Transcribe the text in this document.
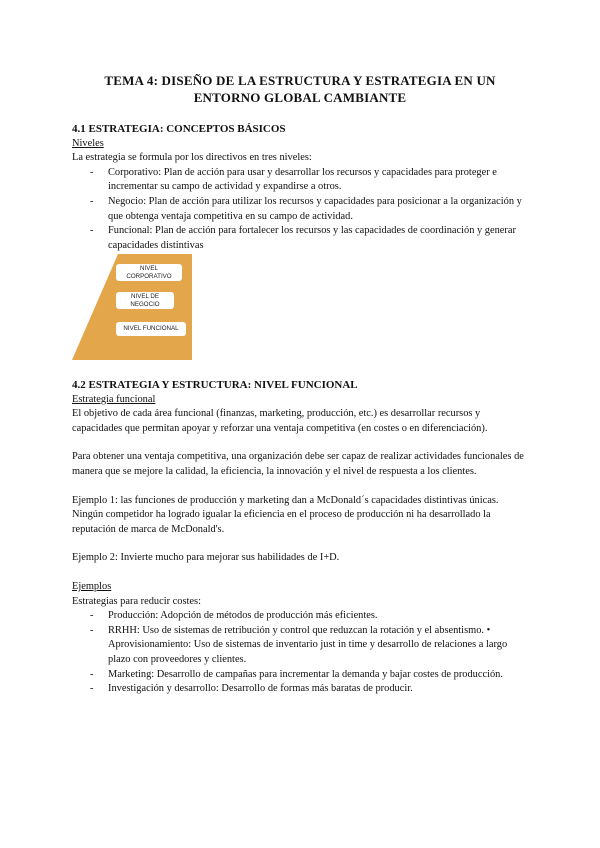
TEMA 4: DISEÑO DE LA ESTRUCTURA Y ESTRATEGIA EN UN ENTORNO GLOBAL CAMBIANTE
4.1 ESTRATEGIA: CONCEPTOS BÁSICOS
Niveles

La estrategia se formula por los directivos en tres niveles:

- Corporativo: Plan de acción para usar y desarrollar los recursos y capacidades para proteger e incrementar su campo de actividad y expandirse a otros.
- Negocio: Plan de acción para utilizar los recursos y capacidades para posicionar a la organización y que obtenga ventaja competitiva en su campo de actividad.
- Funcional: Plan de acción para fortalecer los recursos y las capacidades de coordinación y generar capacidades distintivas
NIVEL CORPORATIVO
NIVEL DE NEGOCIO
NIVEL FUNCIONAL
4.2 ESTRATEGIA Y ESTRUCTURA: NIVEL FUNCIONAL
Estrategia funcional

El objetivo de cada área funcional (finanzas, marketing, producción, etc.) es desarrollar recursos y capacidades que permitan apoyar y reforzar una ventaja competitiva (en costes o en diferenciación).

Para obtener una ventaja competitiva, una organización debe ser capaz de realizar actividades funcionales de manera que se mejore la calidad, la eficiencia, la innovación y el nivel de respuesta a los clientes.

Ejemplo 1: las funciones de producción y marketing dan a McDonald´s capacidades distintivas únicas. Ningún competidor ha logrado igualar la eficiencia en el proceso de producción ni ha desarrollado la reputación de marca de McDonald's.

Ejemplo 2: Invierte mucho para mejorar sus habilidades de I+D.

Ejemplos

Estrategias para reducir costes:

- Producción: Adopción de métodos de producción más eficientes.
- RRHH: Uso de sistemas de retribución y control que reduzcan la rotación y el absentismo. • Aprovisionamiento: Uso de sistemas de inventario just in time y desarrollo de relaciones a largo plazo con proveedores y clientes.
- Marketing: Desarrollo de campañas para incrementar la demanda y bajar costes de producción.
- Investigación y desarrollo: Desarrollo de formas más baratas de producir.
